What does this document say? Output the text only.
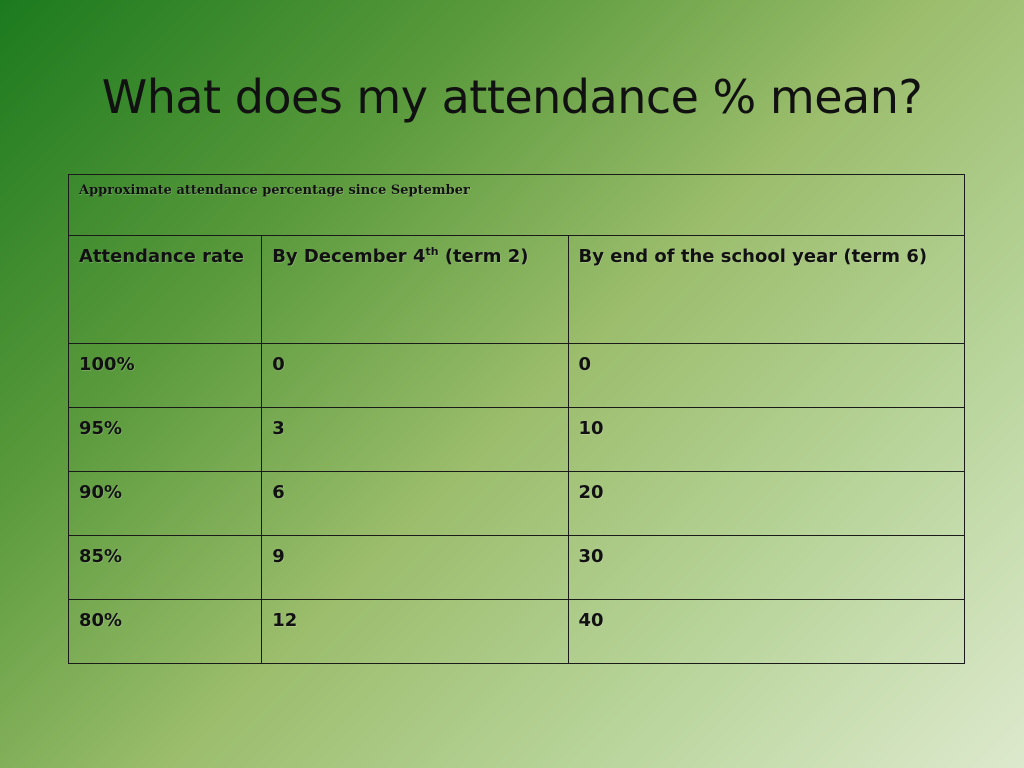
What does my attendance % mean?
Approximate attendance percentage since September		
Attendance rate	By December 4th (term 2)	By end of the school year (term 6)
100%	0	0
95%	3	10
90%	6	20
85%	9	30
80%	12	40
